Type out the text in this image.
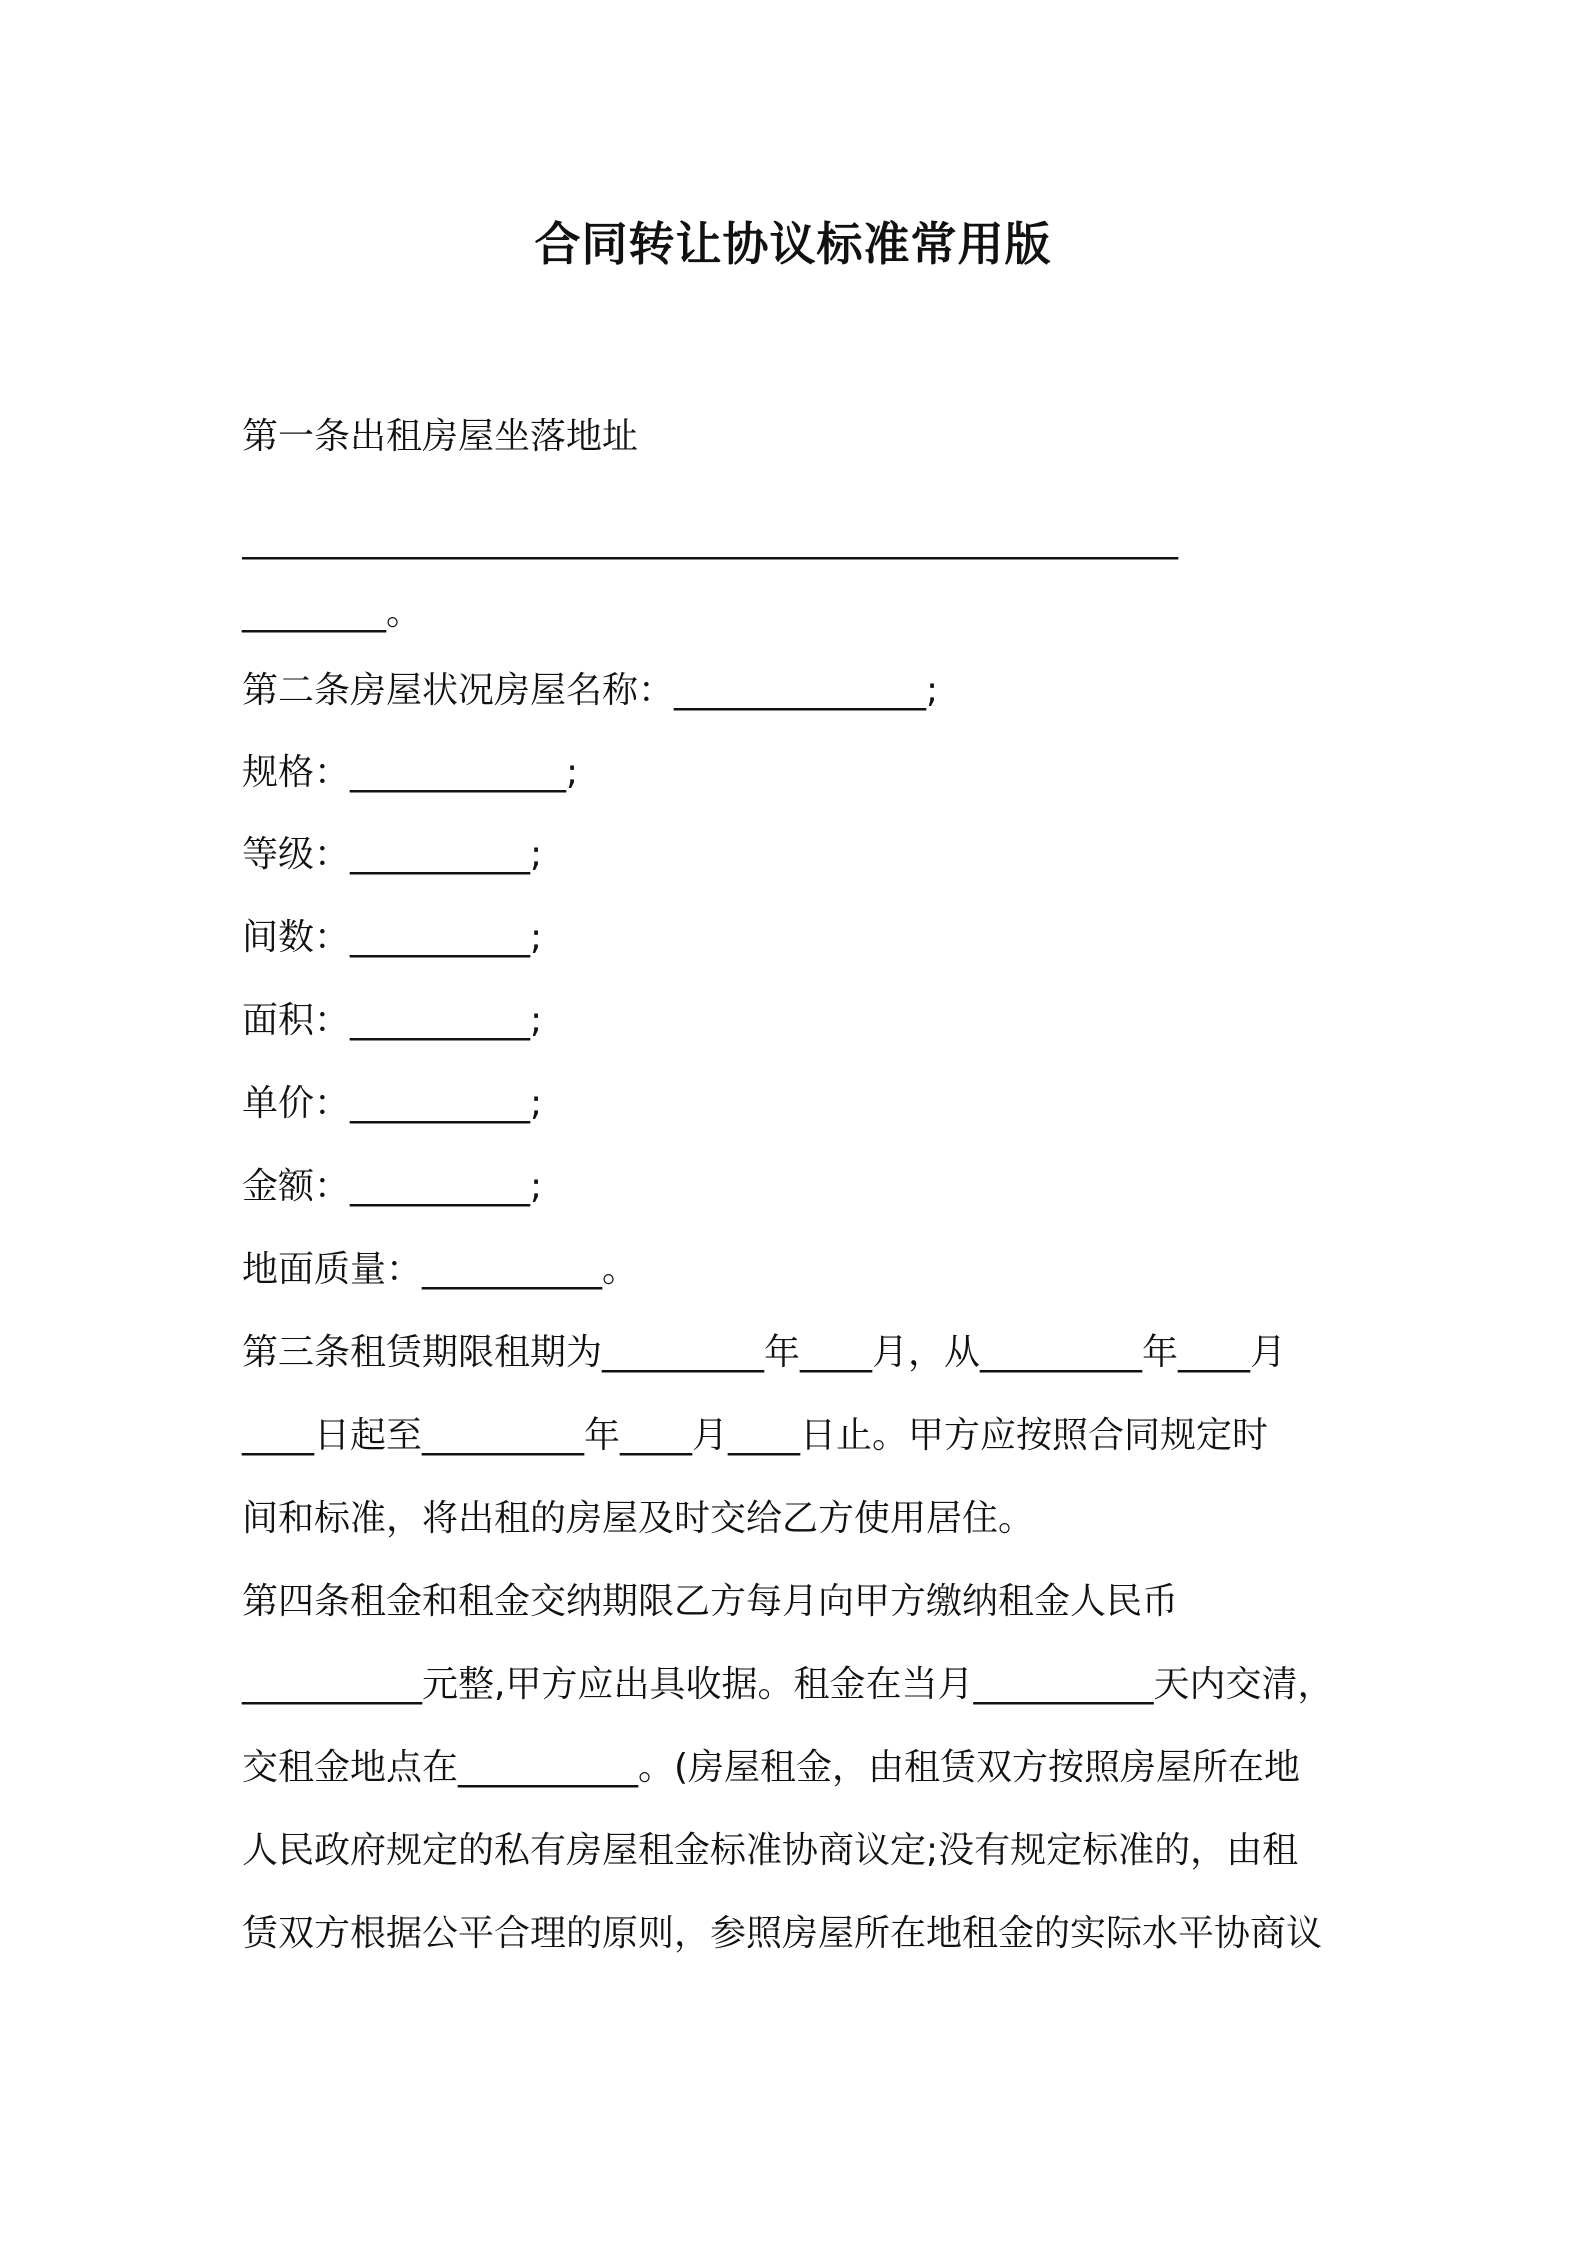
合同转让协议标准常用版

第一条出租房屋坐落地址

____________________________________________________

________。

第二条房屋状况房屋名称：______________;

规格：____________;

等级：__________;

间数：__________;

面积：__________;

单价：__________;

金额：__________;

地面质量：__________。

第三条租赁期限租期为_________年____月，从_________年____月

____日起至_________年____月____日止。甲方应按照合同规定时

间和标准，将出租的房屋及时交给乙方使用居住。

第四条租金和租金交纳期限乙方每月向甲方缴纳租金人民币

__________元整,甲方应出具收据。租金在当月__________天内交清，

交租金地点在__________。(房屋租金，由租赁双方按照房屋所在地

人民政府规定的私有房屋租金标准协商议定;没有规定标准的，由租

赁双方根据公平合理的原则，参照房屋所在地租金的实际水平协商议
